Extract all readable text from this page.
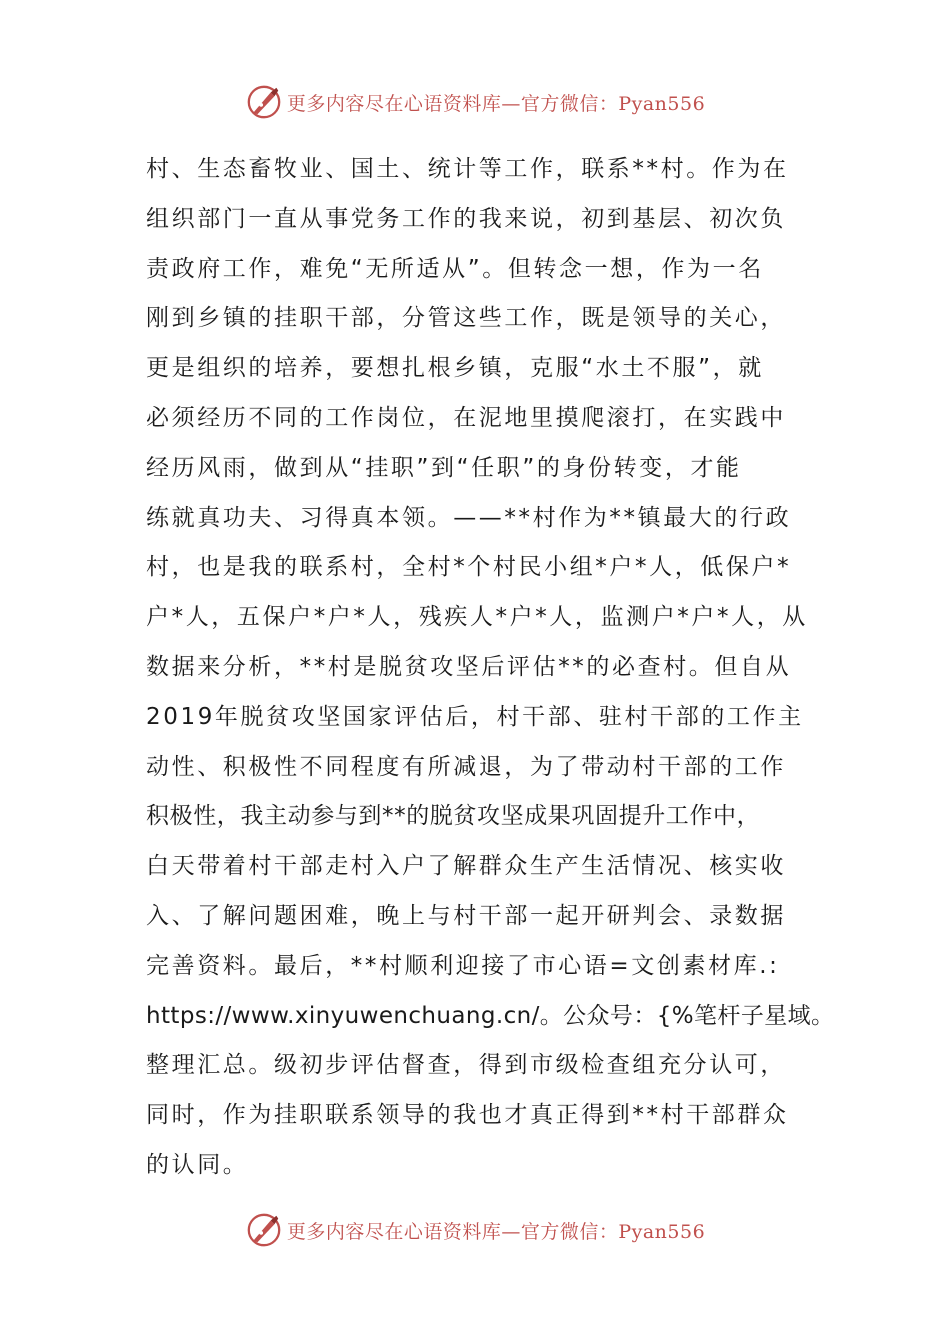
更多内容尽在心语资料库—官方微信：Pyan556
村、生态畜牧业、国土、统计等工作，联系**村。作为在
组织部门一直从事党务工作的我来说，初到基层、初次负
责政府工作，难免“无所适从”。但转念一想，作为一名
刚到乡镇的挂职干部，分管这些工作，既是领导的关心，
更是组织的培养，要想扎根乡镇，克服“水土不服”，就
必须经历不同的工作岗位，在泥地里摸爬滚打，在实践中
经历风雨，做到从“挂职”到“任职”的身份转变，才能
练就真功夫、习得真本领。——**村作为**镇最大的行政
村，也是我的联系村，全村*个村民小组*户*人，低保户*
户*人，五保户*户*人，残疾人*户*人，监测户*户*人，从
数据来分析，**村是脱贫攻坚后评估**的必查村。但自从
2019年脱贫攻坚国家评估后，村干部、驻村干部的工作主
动性、积极性不同程度有所减退，为了带动村干部的工作
积极性，我主动参与到**的脱贫攻坚成果巩固提升工作中，
白天带着村干部走村入户了解群众生产生活情况、核实收
入、了解问题困难，晚上与村干部一起开研判会、录数据
完善资料。最后，**村顺利迎接了市心语=文创素材库.:
https://www.xinyuwenchuang.cn/。公众号：{%笔杆子星域。
整理汇总。级初步评估督查，得到市级检查组充分认可，
同时，作为挂职联系领导的我也才真正得到**村干部群众
的认同。
更多内容尽在心语资料库—官方微信：Pyan556
